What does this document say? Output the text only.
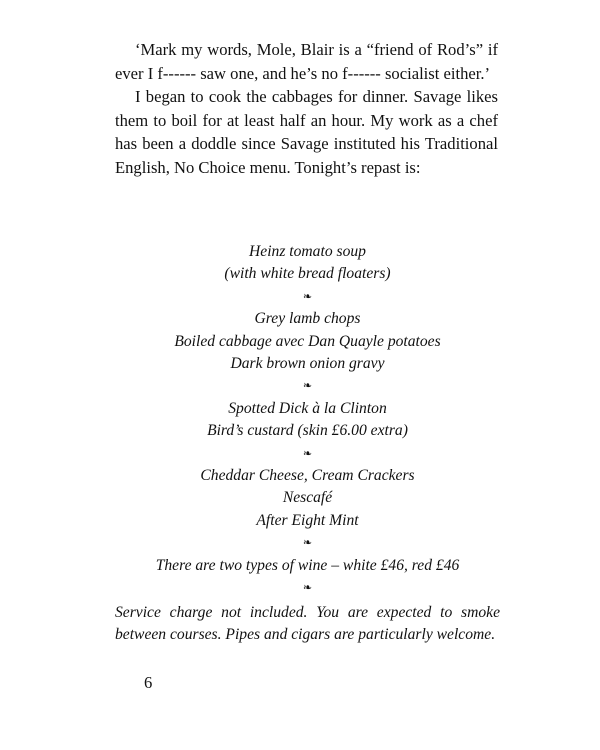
‘Mark my words, Mole, Blair is a “friend of Rod’s” if ever I f------ saw one, and he’s no f------ socialist either.’

I began to cook the cabbages for dinner. Savage likes them to boil for at least half an hour. My work as a chef has been a doddle since Savage instituted his Traditional English, No Choice menu. Tonight’s repast is:

Heinz tomato soup
(with white bread floaters)
❧
Grey lamb chops
Boiled cabbage avec Dan Quayle potatoes
Dark brown onion gravy
❧
Spotted Dick à la Clinton
Bird’s custard (skin £6.00 extra)
❧
Cheddar Cheese, Cream Crackers
Nescafé
After Eight Mint
❧
There are two types of wine – white £46, red £46
❧
Service charge not included. You are expected to smoke
between courses. Pipes and cigars are particularly welcome.
6
